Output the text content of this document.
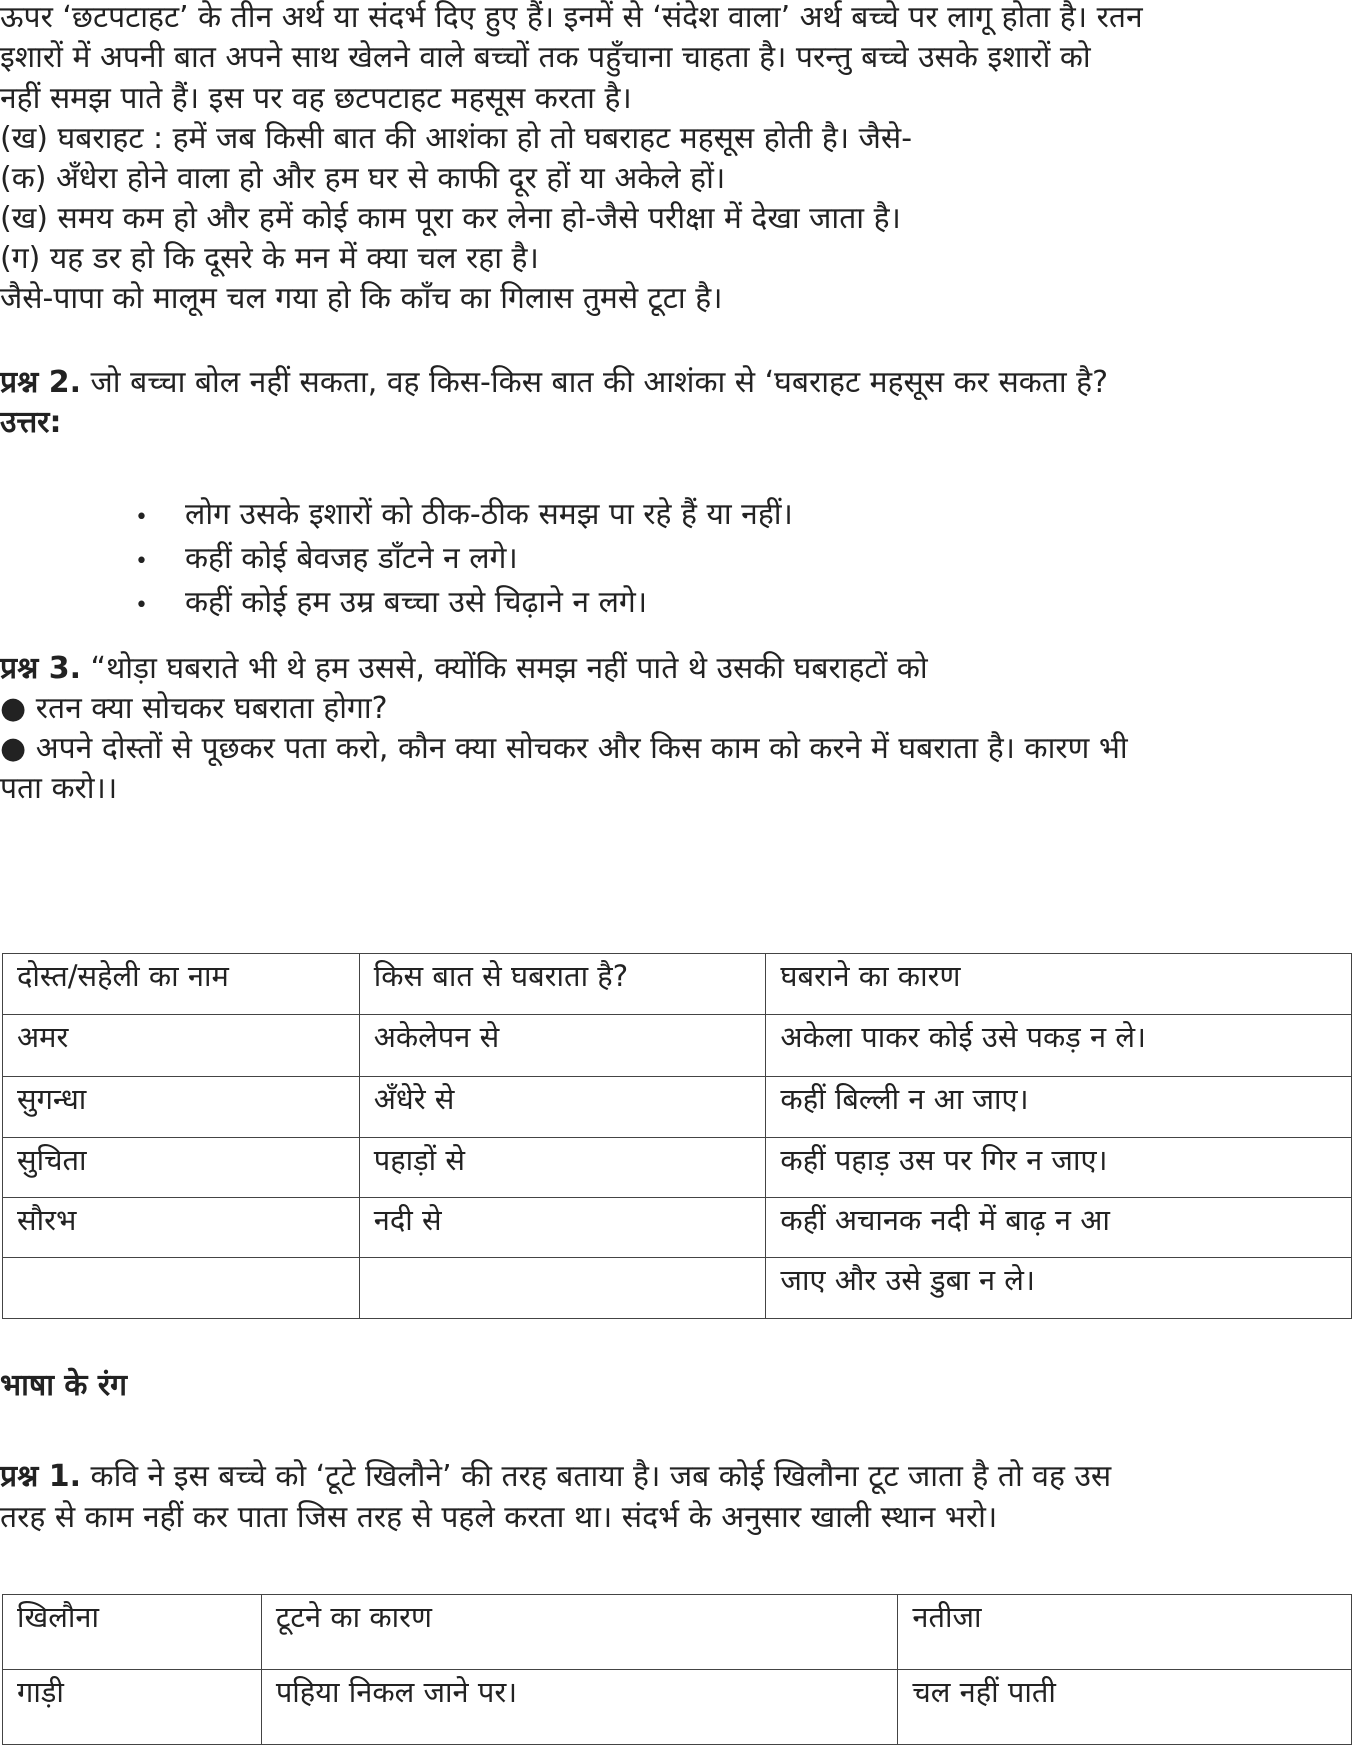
ऊपर ‘छटपटाहट’ के तीन अर्थ या संदर्भ दिए हुए हैं। इनमें से ‘संदेश वाला’ अर्थ बच्चे पर लागू होता है। रतन
इशारों में अपनी बात अपने साथ खेलने वाले बच्चों तक पहुँचाना चाहता है। परन्तु बच्चे उसके इशारों को
नहीं समझ पाते हैं। इस पर वह छटपटाहट महसूस करता है।
(ख) घबराहट : हमें जब किसी बात की आशंका हो तो घबराहट महसूस होती है। जैसे-
(क) अँधेरा होने वाला हो और हम घर से काफी दूर हों या अकेले हों।
(ख) समय कम हो और हमें कोई काम पूरा कर लेना हो-जैसे परीक्षा में देखा जाता है।
(ग) यह डर हो कि दूसरे के मन में क्या चल रहा है।
जैसे-पापा को मालूम चल गया हो कि काँच का गिलास तुमसे टूटा है।
प्रश्न 2. जो बच्चा बोल नहीं सकता, वह किस-किस बात की आशंका से ‘घबराहट महसूस कर सकता है?
उत्तर:
• लोग उसके इशारों को ठीक-ठीक समझ पा रहे हैं या नहीं।
• कहीं कोई बेवजह डाँटने न लगे।
• कहीं कोई हम उम्र बच्चा उसे चिढ़ाने न लगे।
प्रश्न 3. “थोड़ा घबराते भी थे हम उससे, क्योंकि समझ नहीं पाते थे उसकी घबराहटों को
● रतन क्या सोचकर घबराता होगा?
● अपने दोस्तों से पूछकर पता करो, कौन क्या सोचकर और किस काम को करने में घबराता है। कारण भी
पता करो।।
दोस्त/सहेली का नाम	किस बात से घबराता है?	घबराने का कारण
अमर	अकेलेपन से	अकेला पाकर कोई उसे पकड़ न ले।
सुगन्धा	अँधेरे से	कहीं बिल्ली न आ जाए।
सुचिता	पहाड़ों से	कहीं पहाड़ उस पर गिर न जाए।
सौरभ	नदी से	कहीं अचानक नदी में बाढ़ न आ
		जाए और उसे डुबा न ले।
भाषा के रंग
प्रश्न 1. कवि ने इस बच्चे को ‘टूटे खिलौने’ की तरह बताया है। जब कोई खिलौना टूट जाता है तो वह उस
तरह से काम नहीं कर पाता जिस तरह से पहले करता था। संदर्भ के अनुसार खाली स्थान भरो।
खिलौना	टूटने का कारण	नतीजा
गाड़ी	पहिया निकल जाने पर।	चल नहीं पाती
